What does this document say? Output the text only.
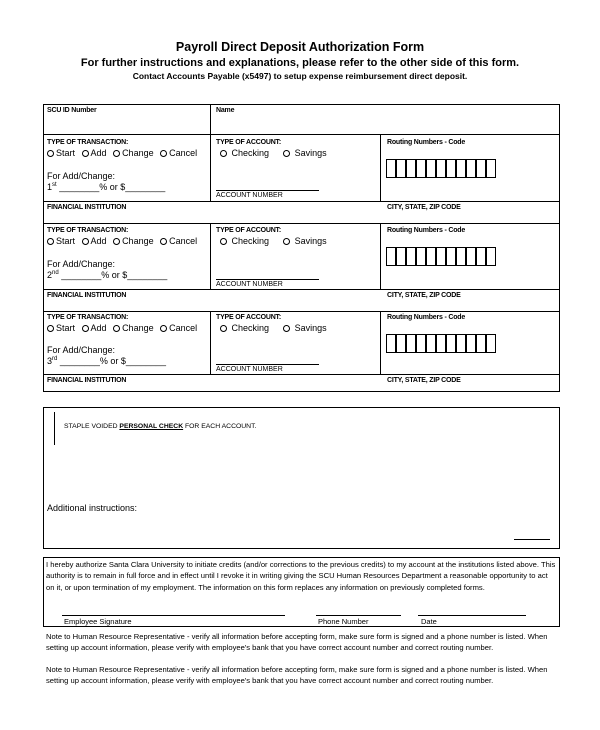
Payroll Direct Deposit Authorization Form
For further instructions and explanations, please refer to the other side of this form.
Contact Accounts Payable (x5497) to setup expense reimbursement direct deposit.
SCU ID Number	Name
TYPE OF TRANSACTION:
Start Add Change Cancel
For Add/Change:
1st ________% or $________
TYPE OF ACCOUNT:
Checking	Savings
ACCOUNT NUMBER
Routing Numbers - Code
FINANCIAL INSTITUTION	CITY, STATE, ZIP CODE
TYPE OF TRANSACTION:
Start Add Change Cancel
For Add/Change:
2nd ________% or $________
TYPE OF ACCOUNT:
Checking	Savings
ACCOUNT NUMBER
Routing Numbers - Code
FINANCIAL INSTITUTION	CITY, STATE, ZIP CODE
TYPE OF TRANSACTION:
Start Add Change Cancel
For Add/Change:
3rd ________% or $________
TYPE OF ACCOUNT:
Checking	Savings
ACCOUNT NUMBER
Routing Numbers - Code
FINANCIAL INSTITUTION	CITY, STATE, ZIP CODE
STAPLE VOIDED PERSONAL CHECK FOR EACH ACCOUNT.
Additional instructions:
I hereby authorize Santa Clara University to initiate credits (and/or corrections to the previous credits) to my account at the institutions listed above. This authority is to remain in full force and in effect until I revoke it in writing giving the SCU Human Resources Department a reasonable opportunity to act on it, or upon termination of my employment. The information on this form replaces any information on previously completed forms.
Employee Signature	Phone Number	Date
Note to Human Resource Representative - verify all information before accepting form, make sure form is signed and a phone number is listed. When setting up account information, please verify with employee's bank that you have correct account number and correct routing number.
Note to Human Resource Representative - verify all information before accepting form, make sure form is signed and a phone number is listed. When setting up account information, please verify with employee's bank that you have correct account number and correct routing number.
